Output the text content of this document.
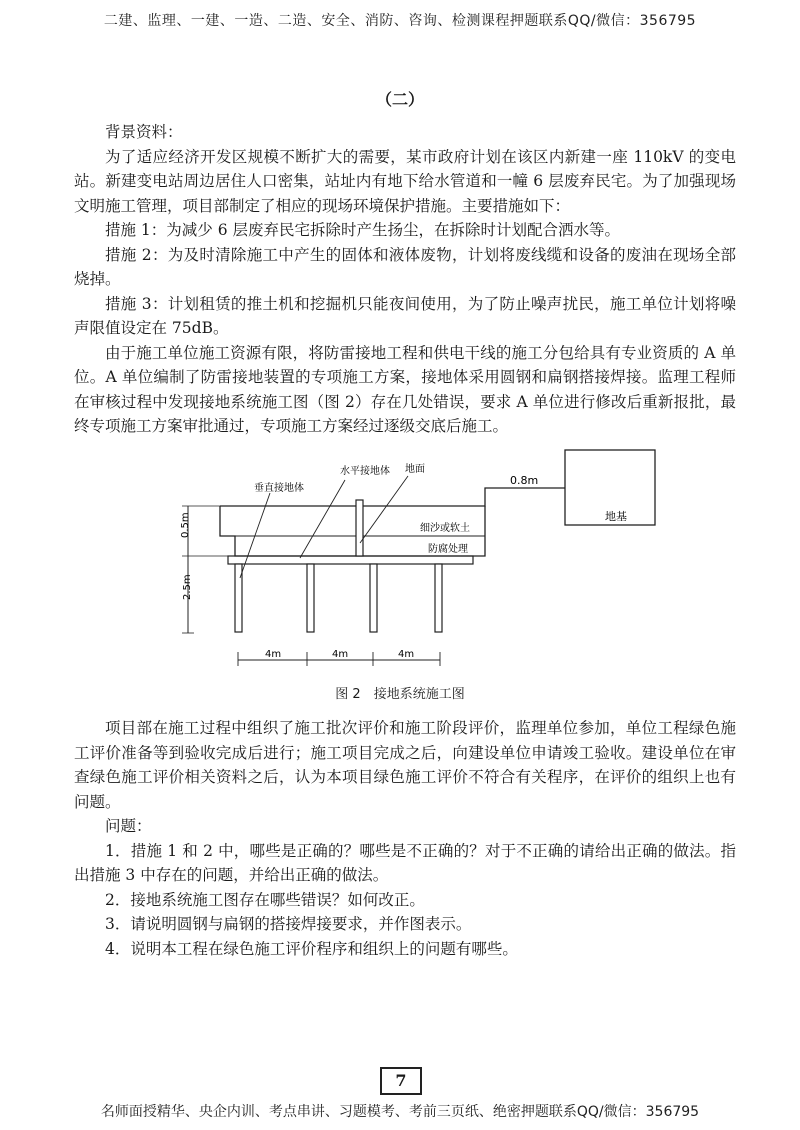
二建、监理、一建、一造、二造、安全、消防、咨询、检测课程押题联系QQ/微信：356795
（二）

背景资料：

为了适应经济开发区规模不断扩大的需要，某市政府计划在该区内新建一座 110kV 的变电站。新建变电站周边居住人口密集，站址内有地下给水管道和一幢 6 层废弃民宅。为了加强现场文明施工管理，项目部制定了相应的现场环境保护措施。主要措施如下：

措施 1：为减少 6 层废弃民宅拆除时产生扬尘，在拆除时计划配合洒水等。

措施 2：为及时清除施工中产生的固体和液体废物，计划将废线缆和设备的废油在现场全部烧掉。

措施 3：计划租赁的推土机和挖掘机只能夜间使用，为了防止噪声扰民，施工单位计划将噪声限值设定在 75dB。

由于施工单位施工资源有限，将防雷接地工程和供电干线的施工分包给具有专业资质的 A 单位。A 单位编制了防雷接地装置的专项施工方案，接地体采用圆钢和扁钢搭接焊接。监理工程师在审核过程中发现接地系统施工图（图 2）存在几处错误，要求 A 单位进行修改后重新报批，最终专项施工方案审批通过，专项施工方案经过逐级交底后施工。

地基
0.8m
细沙或软土
防腐处理
垂直接地体
水平接地体 地面
0.5m
2.5m
4m	4m	4m
图 2　接地系统施工图

项目部在施工过程中组织了施工批次评价和施工阶段评价，监理单位参加，单位工程绿色施工评价准备等到验收完成后进行；施工项目完成之后，向建设单位申请竣工验收。建设单位在审查绿色施工评价相关资料之后，认为本项目绿色施工评价不符合有关程序，在评价的组织上也有问题。

问题：

1．措施 1 和 2 中，哪些是正确的？哪些是不正确的？对于不正确的请给出正确的做法。指出措施 3 中存在的问题，并给出正确的做法。

2．接地系统施工图存在哪些错误？如何改正。

3．请说明圆钢与扁钢的搭接焊接要求，并作图表示。

4．说明本工程在绿色施工评价程序和组织上的问题有哪些。

7
名师面授精华、央企内训、考点串讲、习题模考、考前三页纸、绝密押题联系QQ/微信：356795
